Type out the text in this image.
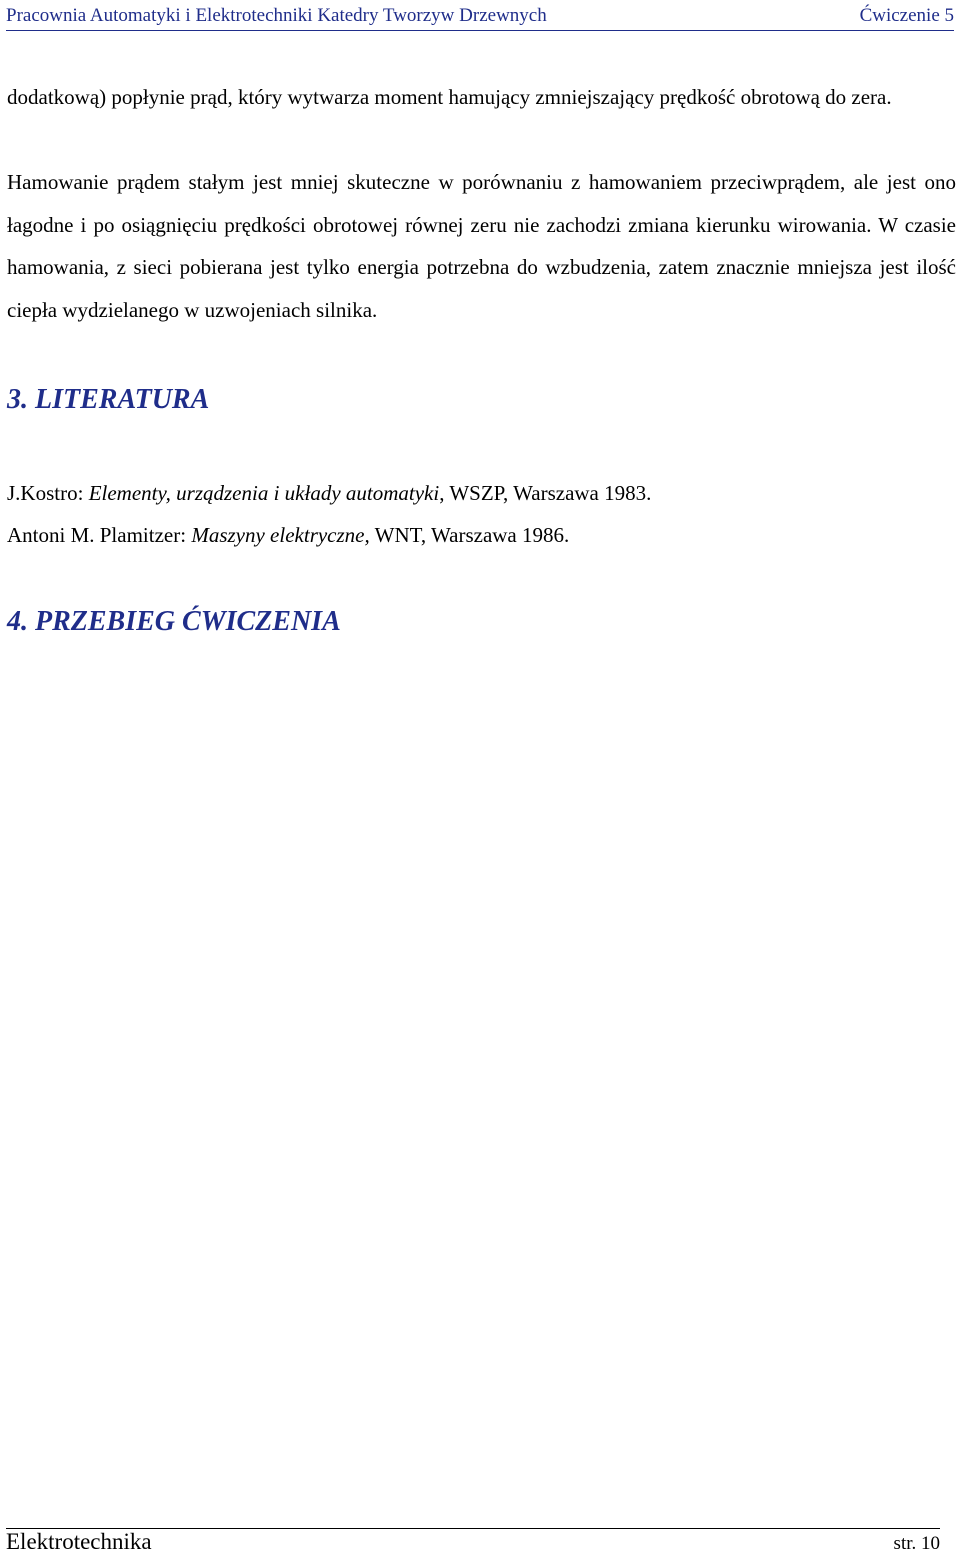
Pracownia Automatyki i Elektrotechniki Katedry Tworzyw Drzewnych	Ćwiczenie 5

dodatkową) popłynie prąd, który wytwarza moment hamujący zmniejszający prędkość obrotową do zera.

Hamowanie prądem stałym jest mniej skuteczne w porównaniu z hamowaniem przeciwprądem, ale jest ono łagodne i po osiągnięciu prędkości obrotowej równej zeru nie zachodzi zmiana kierunku wirowania. W czasie hamowania, z sieci pobierana jest tylko energia potrzebna do wzbudzenia, zatem znacznie mniejsza jest ilość ciepła wydzielanego w uzwojeniach silnika.

3. LITERATURA

J.Kostro: Elementy, urządzenia i układy automatyki, WSZP, Warszawa 1983.

Antoni M. Plamitzer: Maszyny elektryczne, WNT, Warszawa 1986.

4. PRZEBIEG ĆWICZENIA
Elektrotechnika	str. 10
